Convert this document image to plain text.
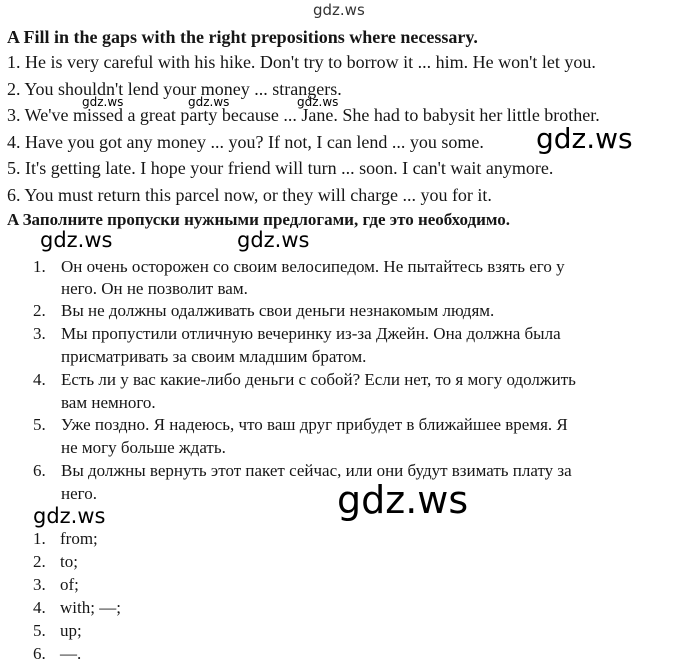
gdz.ws
gdz.ws	gdz.ws	gdz.ws
gdz.ws
gdz.ws	gdz.ws
gdz.ws
gdz.ws
A Fill in the gaps with the right prepositions where necessary.
1. He is very careful with his hike. Don't try to borrow it ... him. He won't let you.
2. You shouldn't lend your money ... strangers.
3. We've missed a great party because ... Jane. She had to babysit her little brother.
4. Have you got any money ... you? If not, I can lend ... you some.
5. It's getting late. I hope your friend will turn ... soon. I can't wait anymore.
6. You must return this parcel now, or they will charge ... you for it.
A Заполните пропуски нужными предлогами, где это необходимо.
1. Он очень осторожен со своим велосипедом. Не пытайтесь взять его у
него. Он не позволит вам.
2. Вы не должны одалживать свои деньги незнакомым людям.
3. Мы пропустили отличную вечеринку из-за Джейн. Она должна была
присматривать за своим младшим братом.
4. Есть ли у вас какие-либо деньги с собой? Если нет, то я могу одолжить
вам немного.
5. Уже поздно. Я надеюсь, что ваш друг прибудет в ближайшее время. Я
не могу больше ждать.
6. Вы должны вернуть этот пакет сейчас, или они будут взимать плату за
него.
1. from;
2. to;
3. of;
4. with; —;
5. up;
6. —.
